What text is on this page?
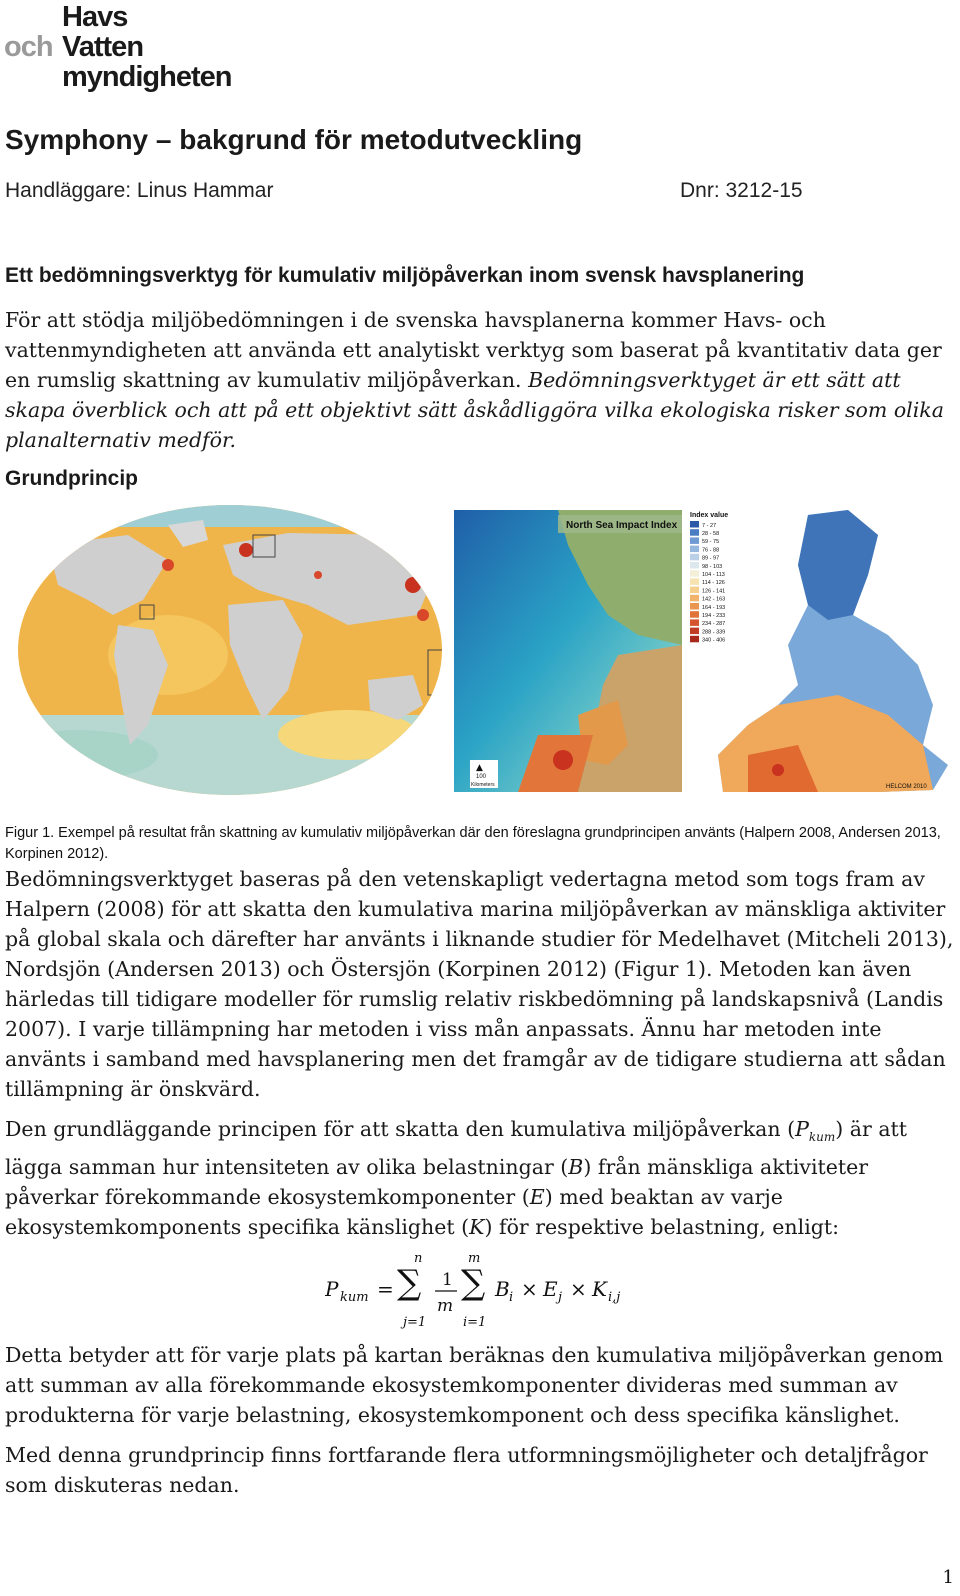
Havs
och Vatten
myndigheten
Symphony – bakgrund för metodutveckling
Handläggare: Linus Hammar	Dnr: 3212-15
Ett bedömningsverktyg för kumulativ miljöpåverkan inom svensk havsplanering
För att stödja miljöbedömningen i de svenska havsplanerna kommer Havs- och vattenmyndigheten att använda ett analytiskt verktyg som baserat på kvantitativ data ger en rumslig skattning av kumulativ miljöpåverkan. Bedömningsverktyget är ett sätt att skapa överblick och att på ett objektivt sätt åskådliggöra vilka ekologiska risker som olika planalternativ medför.
Grundprincip
North Sea Impact Index
▲
100
Kilometers
Index value
HELCOM 2010
7 - 27
28 - 58
59 - 75
76 - 88
89 - 97
98 - 103
104 - 113
114 - 126
126 - 141
142 - 163
164 - 193
194 - 233
234 - 287
288 - 339
340 - 406
Figur 1. Exempel på resultat från skattning av kumulativ miljöpåverkan där den föreslagna grundprincipen använts (Halpern 2008, Andersen 2013, Korpinen 2012).
Bedömningsverktyget baseras på den vetenskapligt vedertagna metod som togs fram av Halpern (2008) för att skatta den kumulativa marina miljöpåverkan av mänskliga aktiviter på global skala och därefter har använts i liknande studier för Medelhavet (Mitcheli 2013), Nordsjön (Andersen 2013) och Östersjön (Korpinen 2012) (Figur 1). Metoden kan även härledas till tidigare modeller för rumslig relativ riskbedömning på landskapsnivå (Landis 2007). I varje tillämpning har metoden i viss mån anpassats. Ännu har metoden inte använts i samband med havsplanering men det framgår av de tidigare studierna att sådan tillämpning är önskvärd.
Den grundläggande principen för att skatta den kumulativa miljöpåverkan $(P_{kum})$ är att lägga samman hur intensiteten av olika belastningar (B) från mänskliga aktiviteter påverkar förekommande ekosystemkomponenter (E) med beaktan av varje ekosystemkomponents specifika känslighet (K) för respektive belastning, enligt:
P kum =
n
∑
j=1
1
m
m
∑
i=1
B i × E j × K i,j
Detta betyder att för varje plats på kartan beräknas den kumulativa miljöpåverkan genom att summan av alla förekommande ekosystemkomponenter divideras med summan av produkterna för varje belastning, ekosystemkomponent och dess specifika känslighet.
Med denna grundprincip finns fortfarande flera utformningsmöjligheter och detaljfrågor som diskuteras nedan.
1
